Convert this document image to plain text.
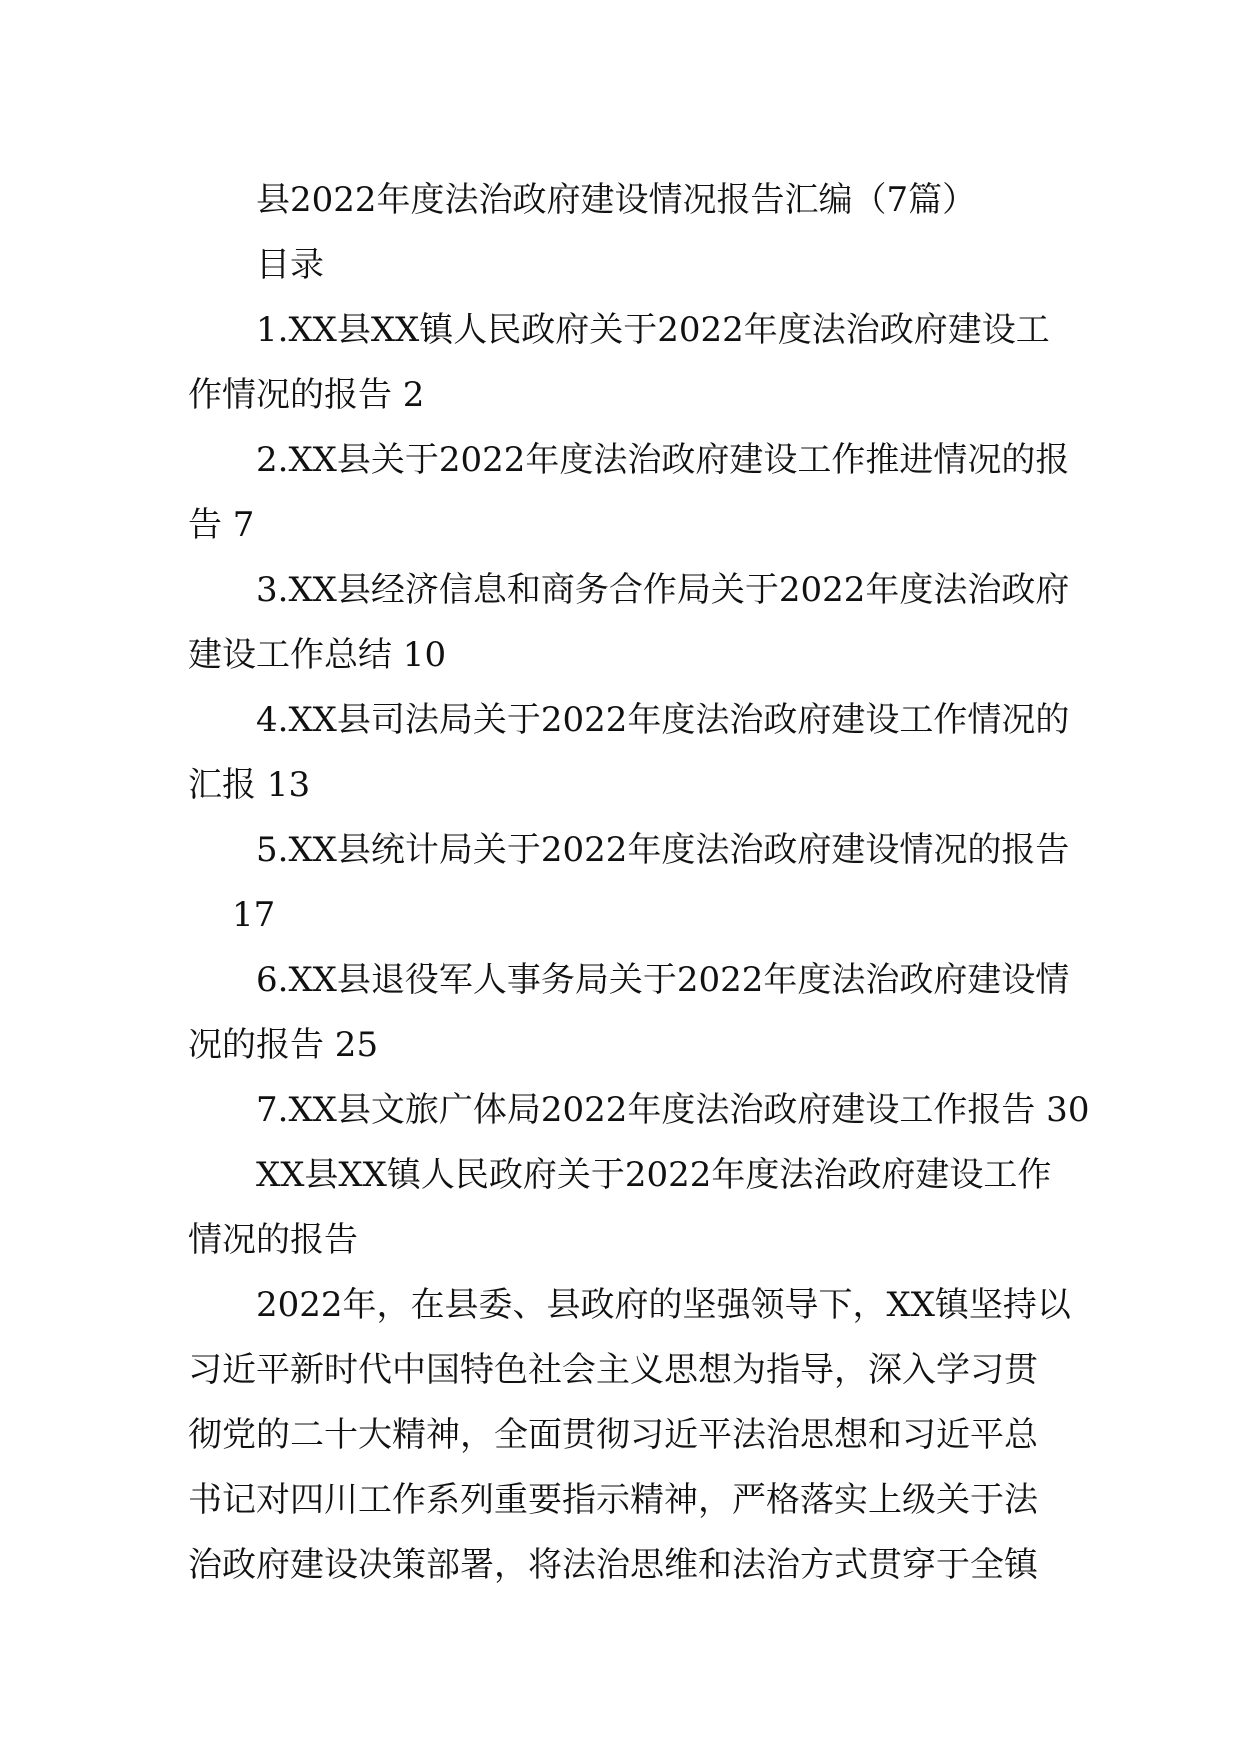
县2022年度法治政府建设情况报告汇编（7篇）
目录
1.XX县XX镇人民政府关于2022年度法治政府建设工
作情况的报告 2
2.XX县关于2022年度法治政府建设工作推进情况的报
告 7
3.XX县经济信息和商务合作局关于2022年度法治政府
建设工作总结 10
4.XX县司法局关于2022年度法治政府建设工作情况的
汇报 13
5.XX县统计局关于2022年度法治政府建设情况的报告
17
6.XX县退役军人事务局关于2022年度法治政府建设情
况的报告 25
7.XX县文旅广体局2022年度法治政府建设工作报告 30
XX县XX镇人民政府关于2022年度法治政府建设工作
情况的报告
2022年，在县委、县政府的坚强领导下，XX镇坚持以
习近平新时代中国特色社会主义思想为指导，深入学习贯
彻党的二十大精神，全面贯彻习近平法治思想和习近平总
书记对四川工作系列重要指示精神，严格落实上级关于法
治政府建设决策部署，将法治思维和法治方式贯穿于全镇
